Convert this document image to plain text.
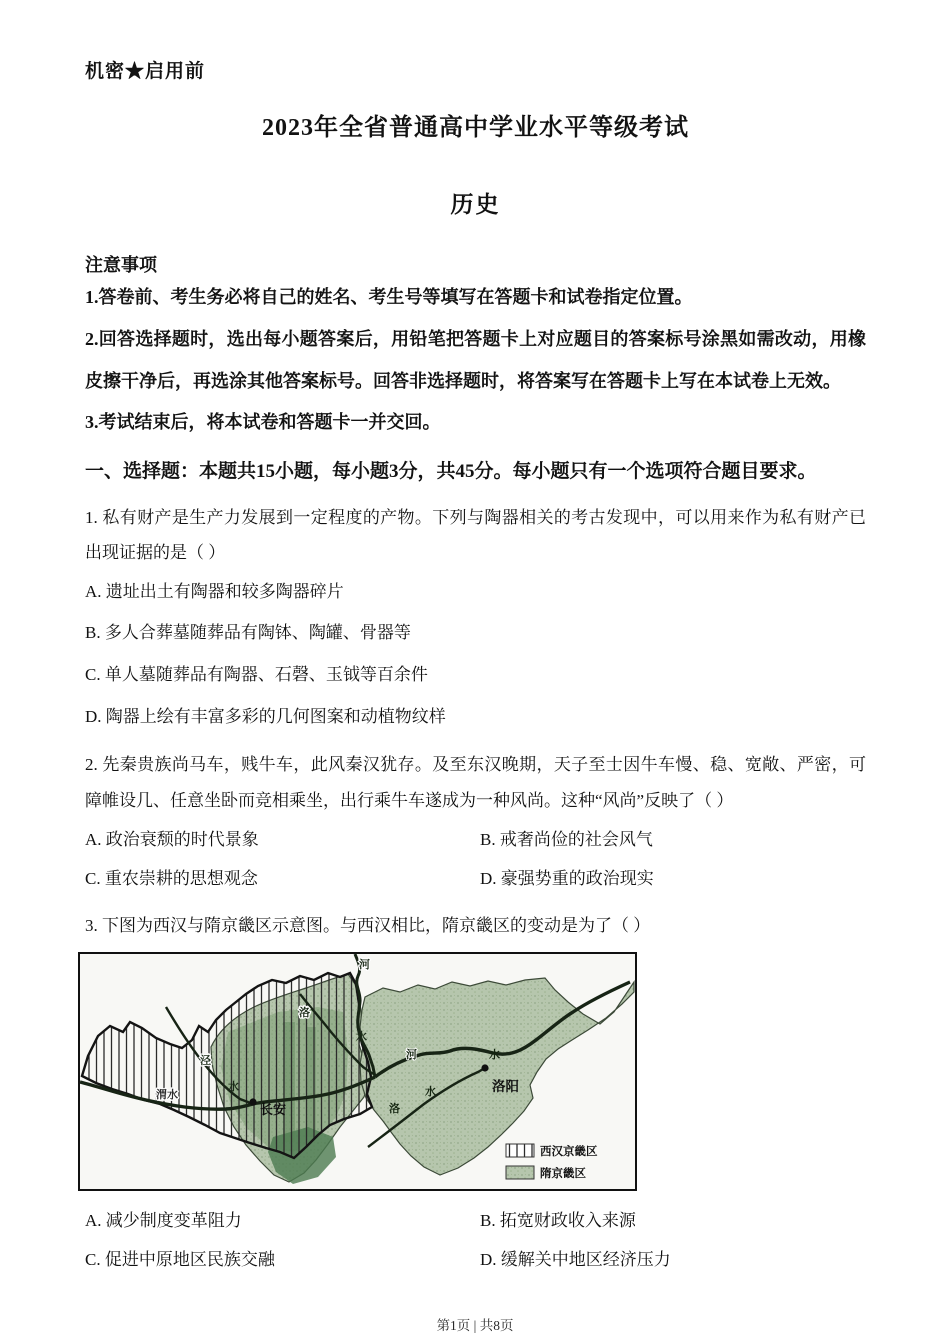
机密★启用前
2023年全省普通高中学业水平等级考试
历史
注意事项

1.答卷前、考生务必将自己的姓名、考生号等填写在答题卡和试卷指定位置。

2.回答选择题时，选出每小题答案后，用铅笔把答题卡上对应题目的答案标号涂黑如需改动，用橡皮擦干净后，再选涂其他答案标号。回答非选择题时，将答案写在答题卡上写在本试卷上无效。

3.考试结束后，将本试卷和答题卡一并交回。

一、选择题：本题共15小题，每小题3分，共45分。每小题只有一个选项符合题目要求。

1. 私有财产是生产力发展到一定程度的产物。下列与陶器相关的考古发现中，可以用来作为私有财产已出现证据的是（ ）

A. 遗址出土有陶器和较多陶器碎片
B. 多人合葬墓随葬品有陶钵、陶罐、骨器等
C. 单人墓随葬品有陶器、石磬、玉钺等百余件
D. 陶器上绘有丰富多彩的几何图案和动植物纹样

2. 先秦贵族尚马车，贱牛车，此风秦汉犹存。及至东汉晚期，天子至士因牛车慢、稳、宽敞、严密，可障帷设几、任意坐卧而竞相乘坐，出行乘牛车遂成为一种风尚。这种“风尚”反映了（ ）

A. 政治衰颓的时代景象	B. 戒奢尚俭的社会风气
C. 重农崇耕的思想观念	D. 豪强势重的政治现实

3. 下图为西汉与隋京畿区示意图。与西汉相比，隋京畿区的变动是为了（ ）

河
洛
水
泾
水
渭水
长安
河	水
洛
水	洛阳
西汉京畿区
隋京畿区
A. 减少制度变革阻力	B. 拓宽财政收入来源
C. 促进中原地区民族交融	D. 缓解关中地区经济压力
第1页 | 共8页
